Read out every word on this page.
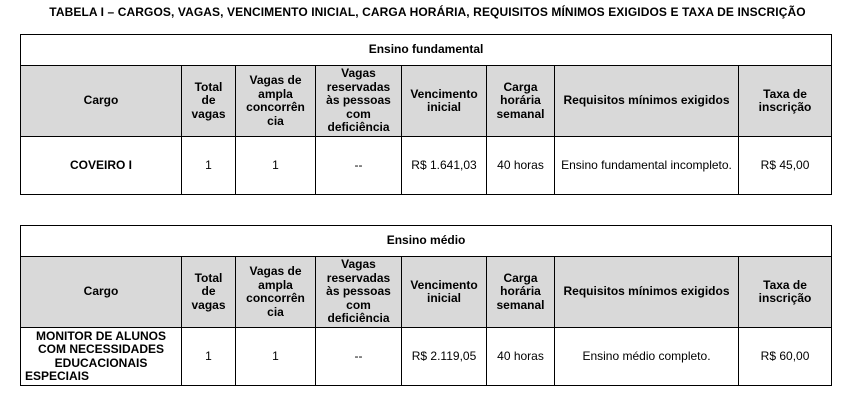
TABELA I – CARGOS, VAGAS, VENCIMENTO INICIAL, CARGA HORÁRIA, REQUISITOS MÍNIMOS EXIGIDOS E TAXA DE INSCRIÇÃO
Ensino fundamental							
Cargo	Total de vagas	Vagas de ampla concorrên cia	Vagas reservadas às pessoas com deficiência	Vencimento inicial	Carga horária semanal	Requisitos mínimos exigidos	Taxa de inscrição
COVEIRO I	1	1	--	R$ 1.641,03	40 horas	Ensino fundamental incompleto.	R$ 45,00
Ensino médio							
Cargo	Total de vagas	Vagas de ampla concorrên cia	Vagas reservadas às pessoas com deficiência	Vencimento inicial	Carga horária semanal	Requisitos mínimos exigidos	Taxa de inscrição
MONITOR DE ALUNOS COM NECESSIDADES EDUCACIONAIS ESPECIAIS	1	1	--	R$ 2.119,05	40 horas	Ensino médio completo.	R$ 60,00
